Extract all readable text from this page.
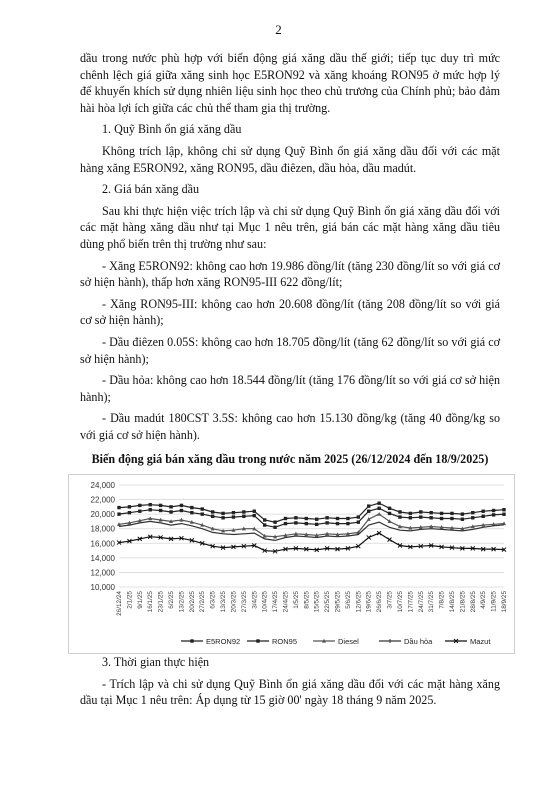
2

dầu trong nước phù hợp với biến động giá xăng dầu thế giới; tiếp tục duy trì mức chênh lệch giá giữa xăng sinh học E5RON92 và xăng khoáng RON95 ở mức hợp lý để khuyến khích sử dụng nhiên liệu sinh học theo chủ trương của Chính phủ; bảo đảm hài hòa lợi ích giữa các chủ thể tham gia thị trường.

1. Quỹ Bình ổn giá xăng dầu

Không trích lập, không chi sử dụng Quỹ Bình ổn giá xăng dầu đối với các mặt hàng xăng E5RON92, xăng RON95, dầu điêzen, dầu hỏa, dầu madút.

2. Giá bán xăng dầu

Sau khi thực hiện việc trích lập và chi sử dụng Quỹ Bình ổn giá xăng dầu đối với các mặt hàng xăng dầu như tại Mục 1 nêu trên, giá bán các mặt hàng xăng dầu tiêu dùng phổ biến trên thị trường như sau:

- Xăng E5RON92: không cao hơn 19.986 đồng/lít (tăng 230 đồng/lít so với giá cơ sở hiện hành), thấp hơn xăng RON95-III 622 đồng/lít;

- Xăng RON95-III: không cao hơn 20.608 đồng/lít (tăng 208 đồng/lít so với giá cơ sở hiện hành);

- Dầu điêzen 0.05S: không cao hơn 18.705 đồng/lít (tăng 62 đồng/lít so với giá cơ sở hiện hành);

- Dầu hỏa: không cao hơn 18.544 đồng/lít (tăng 176 đồng/lít so với giá cơ sở hiện hành);

- Dầu madút 180CST 3.5S: không cao hơn 15.130 đồng/kg (tăng 40 đồng/kg so với giá cơ sở hiện hành).

Biến động giá bán xăng dầu trong nước năm 2025 (26/12/2024 đến 18/9/2025)
10,000
12,000
14,000
16,000
18,000
20,000
22,000
24,000
26/12/24 2/1/25 9/1/25 16/1/25 23/1/25 6/2/25 13/2/25 20/2/25 27/2/25 6/3/25 13/3/25 20/3/25 27/3/25 3/4/25 10/4/25 17/4/25 24/4/25 1/5/25 8/5/25 15/5/25 22/5/25 29/5/25 5/6/25 12/6/25 19/6/25 26/6/25 3/7/25 10/7/25 17/7/25 24/7/25 31/7/25 7/8/25 14/8/25 21/8/25 28/8/25 4/9/25 11/9/25 18/9/25
E5RON92	RON95	Diesel	Dầu hỏa	Mazut

3. Thời gian thực hiện

- Trích lập và chi sử dụng Quỹ Bình ổn giá xăng dầu đối với các mặt hàng xăng dầu tại Mục 1 nêu trên: Áp dụng từ 15 giờ 00' ngày 18 tháng 9 năm 2025.
